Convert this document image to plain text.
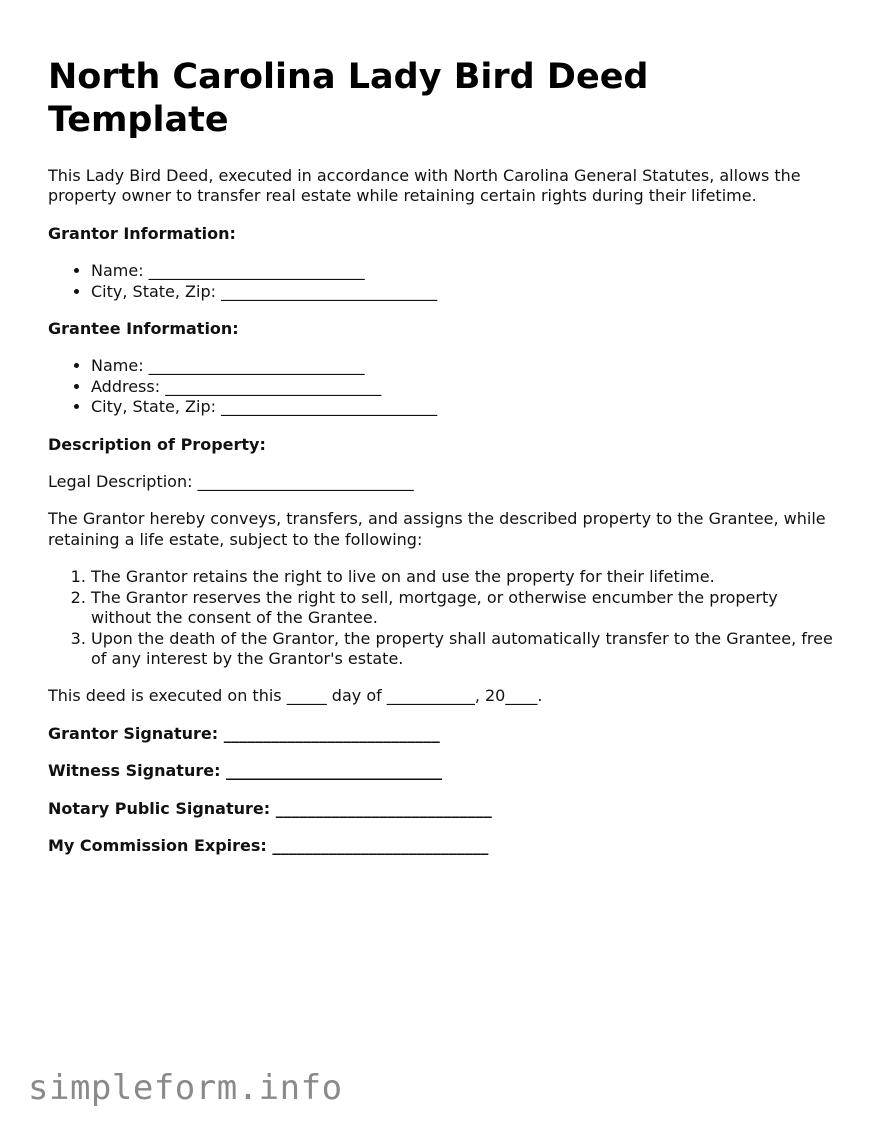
North Carolina Lady Bird Deed Template

This Lady Bird Deed, executed in accordance with North Carolina General Statutes, allows the property owner to transfer real estate while retaining certain rights during their lifetime.

Grantor Information:

• Name: ___________________________
• City, State, Zip: ___________________________

Grantee Information:

• Name: ___________________________
• Address: ___________________________
• City, State, Zip: ___________________________

Description of Property:

Legal Description: ___________________________

The Grantor hereby conveys, transfers, and assigns the described property to the Grantee, while retaining a life estate, subject to the following:

1. The Grantor retains the right to live on and use the property for their lifetime.
2. The Grantor reserves the right to sell, mortgage, or otherwise encumber the property without the consent of the Grantee.
3. Upon the death of the Grantor, the property shall automatically transfer to the Grantee, free of any interest by the Grantor's estate.

This deed is executed on this _____ day of ___________, 20____.

Grantor Signature: ___________________________

Witness Signature: ___________________________

Notary Public Signature: ___________________________

My Commission Expires: ___________________________

simpleform.info
